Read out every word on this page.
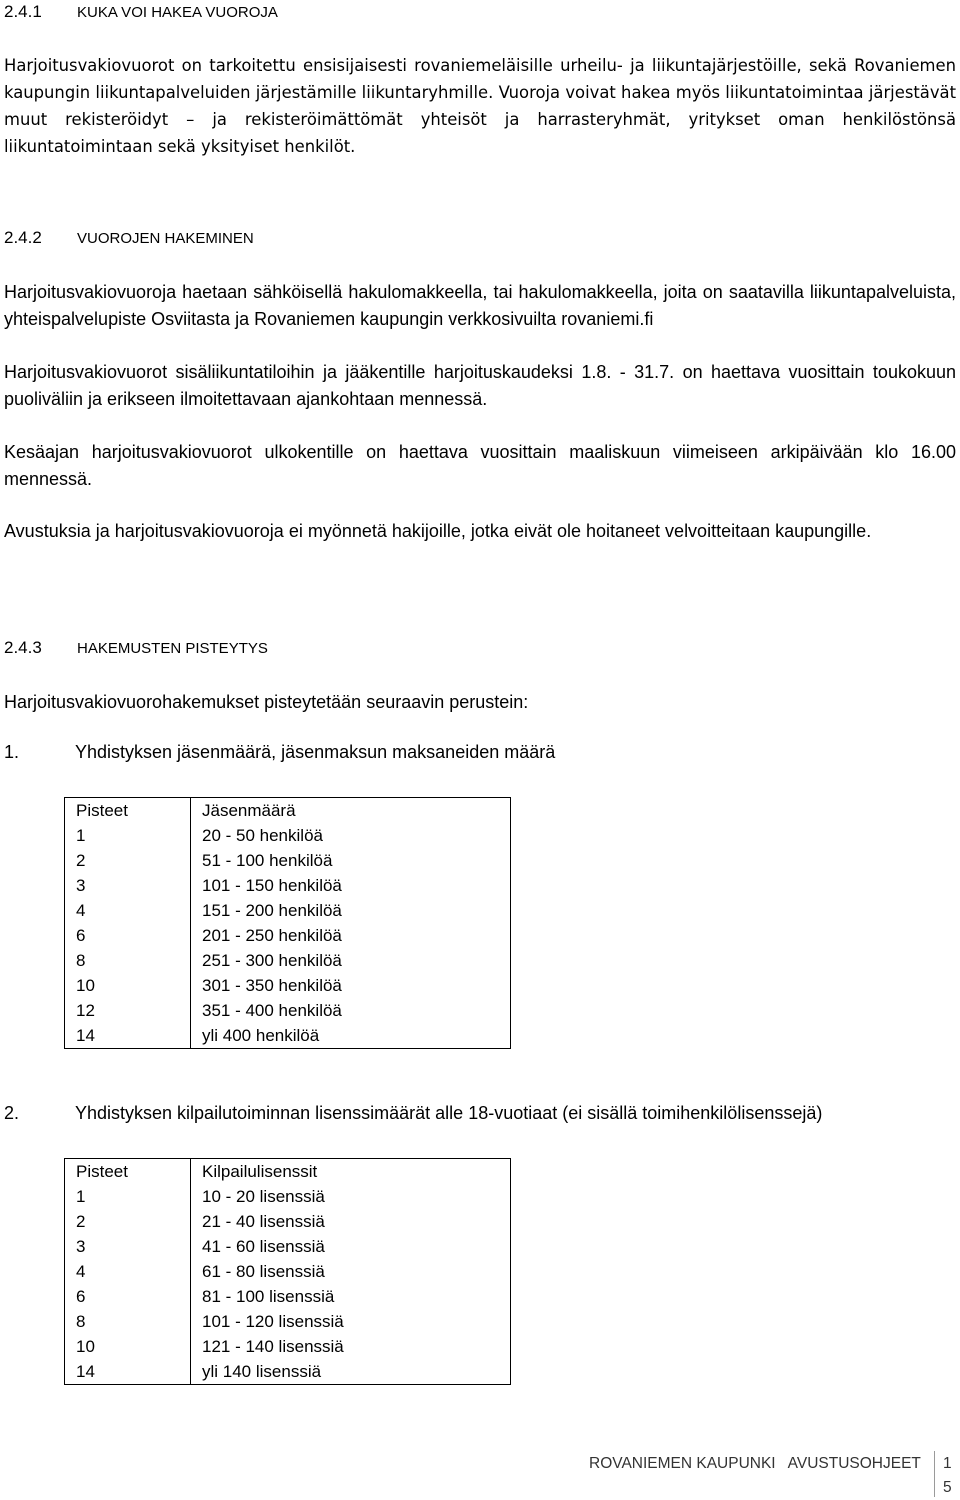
2.4.1 KUKA VOI HAKEA VUOROJA
Harjoitusvakiovuorot on tarkoitettu ensisijaisesti rovaniemeläisille urheilu- ja liikuntajärjestöille, sekä Rovaniemen kaupungin liikuntapalveluiden järjestämille liikuntaryhmille. Vuoroja voivat hakea myös liikuntatoimintaa järjestävät muut rekisteröidyt – ja rekisteröimättömät yhteisöt ja harrasteryhmät, yritykset oman henkilöstönsä liikuntatoimintaan sekä yksityiset henkilöt.
2.4.2 VUOROJEN HAKEMINEN
Harjoitusvakiovuoroja haetaan sähköisellä hakulomakkeella, tai hakulomakkeella, joita on saatavilla liikuntapalveluista, yhteispalvelupiste Osviitasta ja Rovaniemen kaupungin verkkosivuilta rovaniemi.fi
Harjoitusvakiovuorot sisäliikuntatiloihin ja jääkentille harjoituskaudeksi 1.8. - 31.7. on haettava vuosittain toukokuun puoliväliin ja erikseen ilmoitettavaan ajankohtaan mennessä.
Kesäajan harjoitusvakiovuorot ulkokentille on haettava vuosittain maaliskuun viimeiseen arkipäivään klo 16.00 mennessä.
Avustuksia ja harjoitusvakiovuoroja ei myönnetä hakijoille, jotka eivät ole hoitaneet velvoitteitaan kaupungille.
2.4.3 HAKEMUSTEN PISTEYTYS
Harjoitusvakiovuorohakemukset pisteytetään seuraavin perustein:
1.	Yhdistyksen jäsenmäärä, jäsenmaksun maksaneiden määrä
Pisteet	Jäsenmäärä
1	20 - 50 henkilöä
2	51 - 100 henkilöä
3	101 - 150 henkilöä
4	151 - 200 henkilöä
6	201 - 250 henkilöä
8	251 - 300 henkilöä
10	301 - 350 henkilöä
12	351 - 400 henkilöä
14	yli 400 henkilöä
2.	Yhdistyksen kilpailutoiminnan lisenssimäärät alle 18-vuotiaat (ei sisällä toimihenkilölisenssejä)
Pisteet	Kilpailulisenssit
1	10 - 20 lisenssiä
2	21 - 40 lisenssiä
3	41 - 60 lisenssiä
4	61 - 80 lisenssiä
6	81 - 100 lisenssiä
8	101 - 120 lisenssiä
10	121 - 140 lisenssiä
14	yli 140 lisenssiä
ROVANIEMEN KAUPUNKI   AVUSTUSOHJEET 1
5
